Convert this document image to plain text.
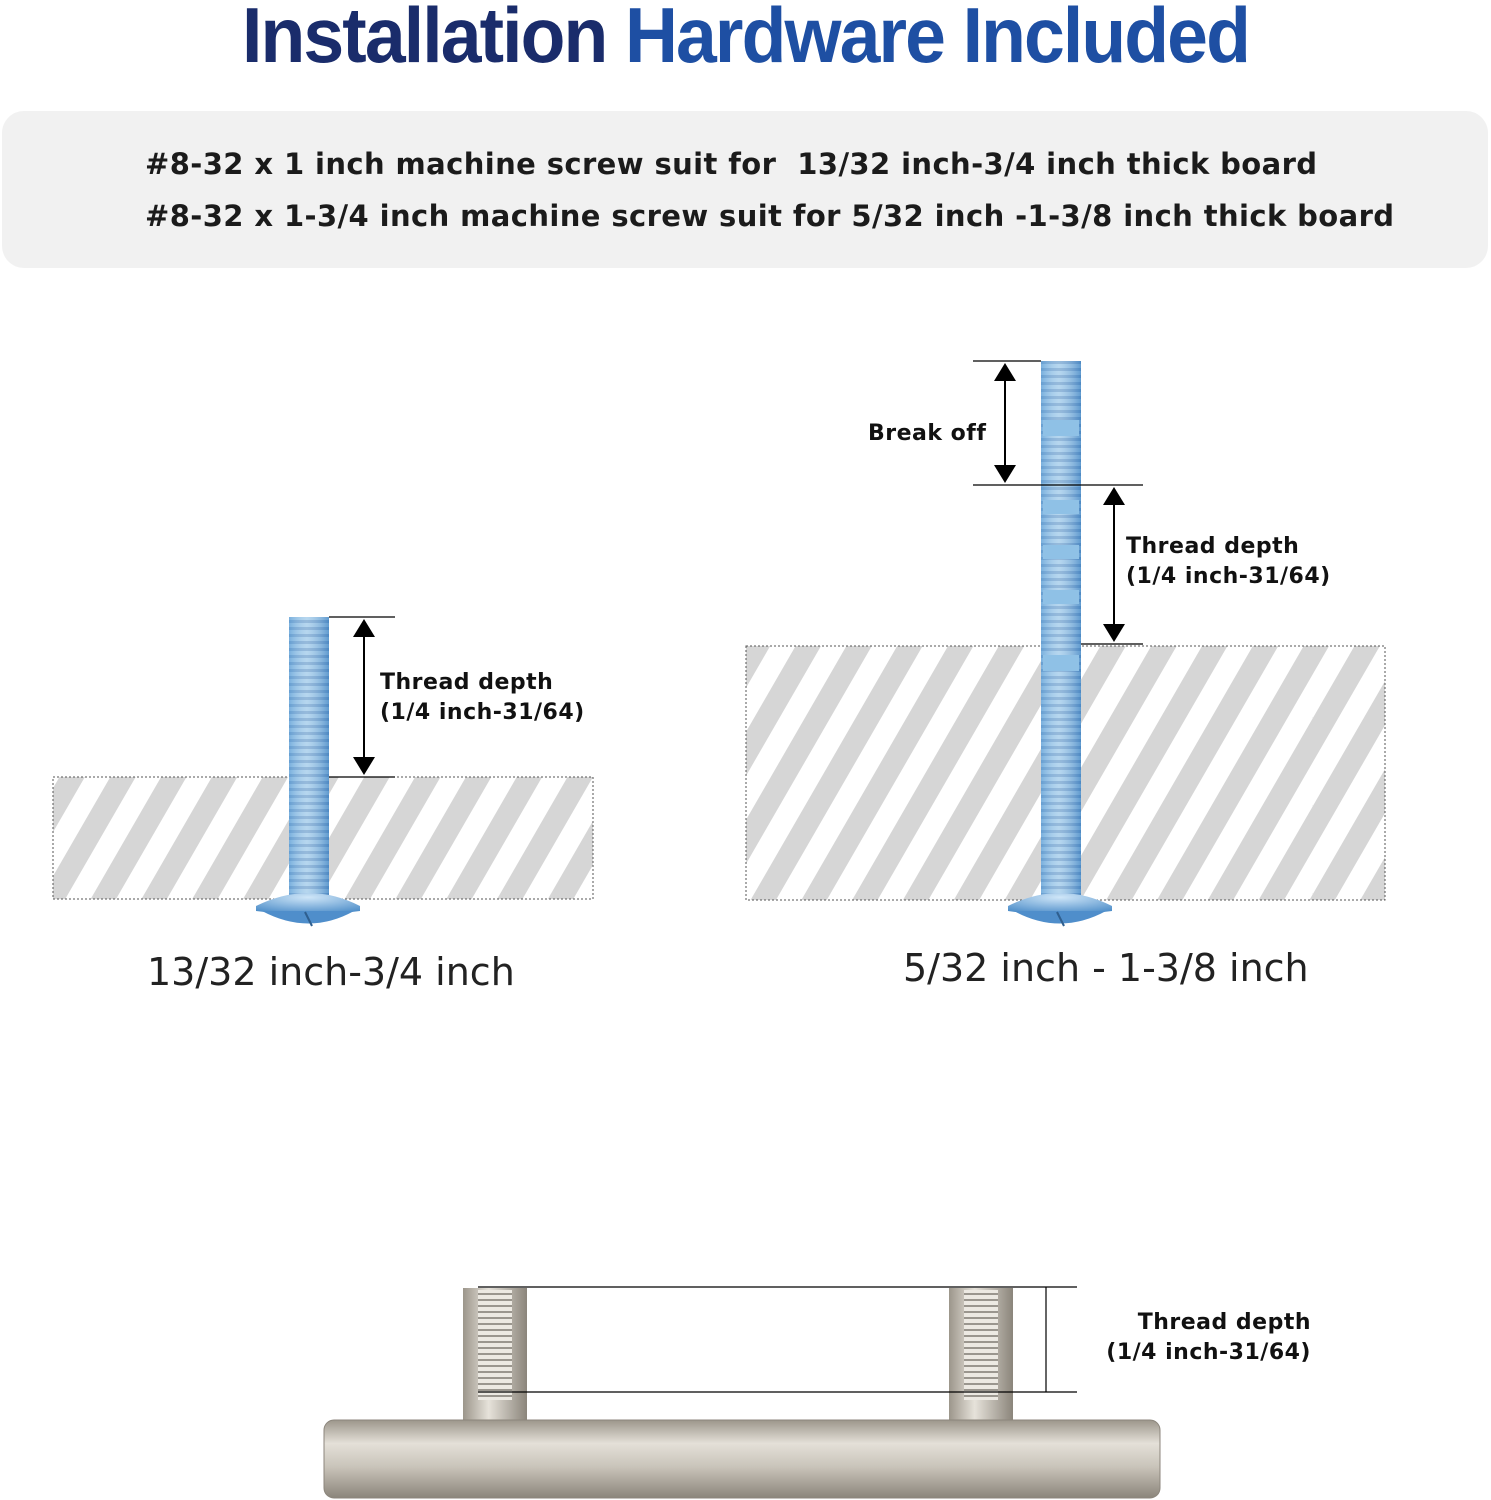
Installation Hardware Included
#8-32 x 1 inch machine screw suit for  13/32 inch-3/4 inch thick board
#8-32 x 1-3/4 inch machine screw suit for 5/32 inch -1-3/8 inch thick board
Thread depth
(1/4 inch-31/64)
Break off
Thread depth
(1/4 inch-31/64)
Thread depth
(1/4 inch-31/64)
13/32 inch-3/4 inch	5/32 inch - 1-3/8 inch
